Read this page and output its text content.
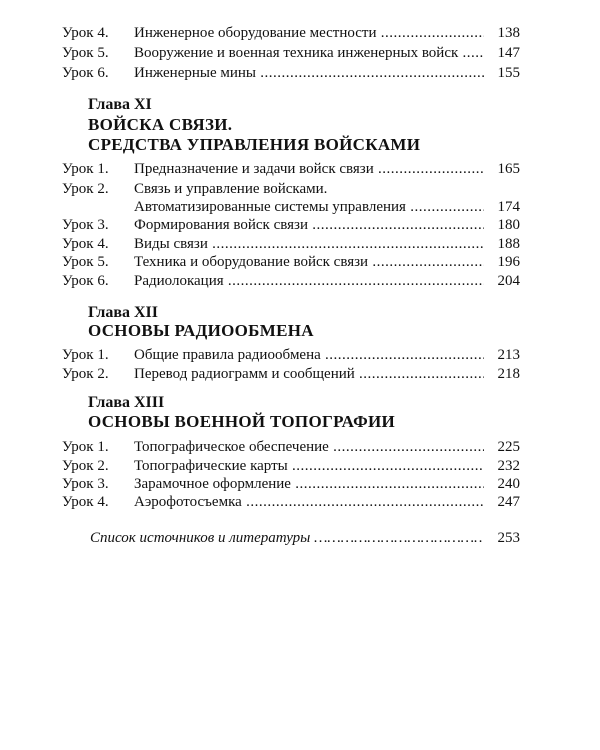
Урок 4. Инженерное оборудование местности .....	138
Урок 5. Вооружение и военная техника инженерных войск .....	147
Урок 6. Инженерные мины .....	155
Глава XI
ВОЙСКА СВЯЗИ.
СРЕДСТВА УПРАВЛЕНИЯ ВОЙСКАМИ
Урок 1. Предназначение и задачи войск связи .....	165
Урок 2. Связь и управление войсками.
Автоматизированные системы управления .....	174
Урок 3. Формирования войск связи .....	180
Урок 4. Виды связи .....	188
Урок 5. Техника и оборудование войск связи .....	196
Урок 6. Радиолокация .....	204
Глава XII
ОСНОВЫ РАДИООБМЕНА
Урок 1. Общие правила радиообмена .....	213
Урок 2. Перевод радиограмм и сообщений .....	218
Глава XIII
ОСНОВЫ ВОЕННОЙ ТОПОГРАФИИ
Урок 1. Топографическое обеспечение .....	225
Урок 2. Топографические карты .....	232
Урок 3. Зарамочное оформление .....	240
Урок 4. Аэрофотосъемка .....	247
Список источников и литературы ………………………………………………………………………………	253
